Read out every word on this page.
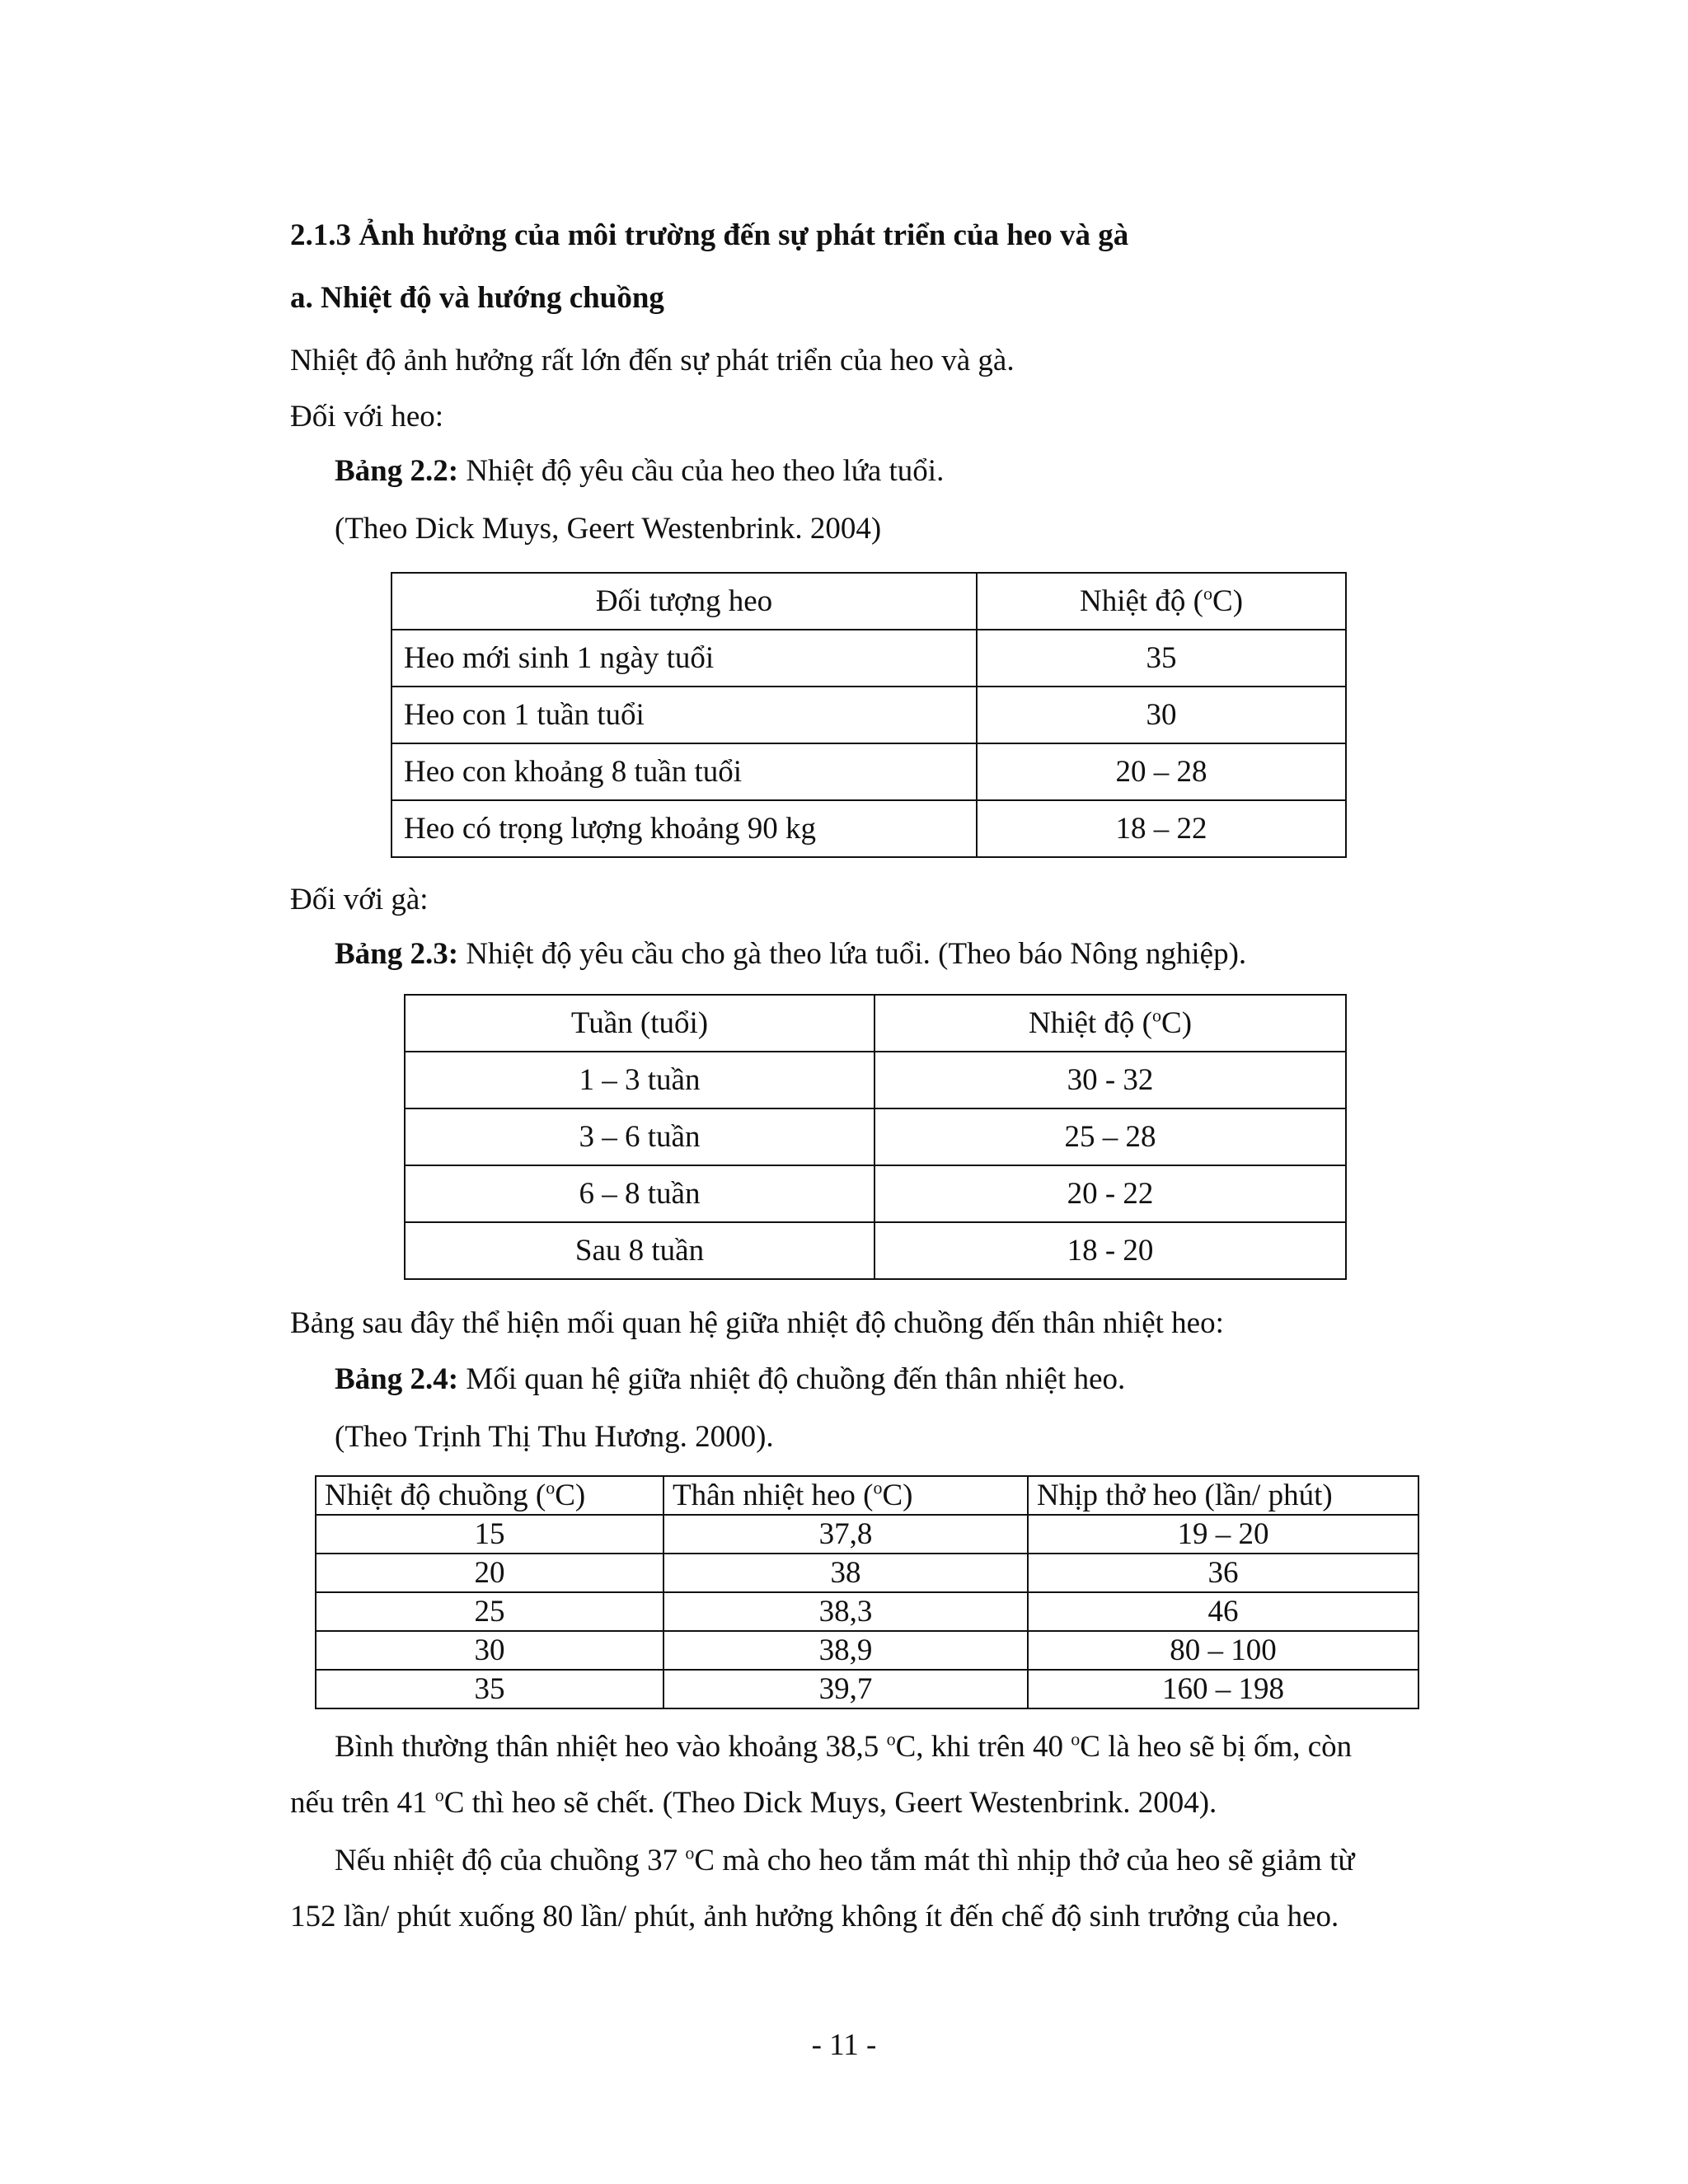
2.1.3 Ảnh hưởng của môi trường đến sự phát triển của heo và gà
a. Nhiệt độ và hướng chuồng
Nhiệt độ ảnh hưởng rất lớn đến sự phát triển của heo và gà.
Đối với heo:
Bảng 2.2: Nhiệt độ yêu cầu của heo theo lứa tuổi.
(Theo Dick Muys, Geert Westenbrink. 2004)
Đối tượng heo	Nhiệt độ ($^o$C)
Heo mới sinh 1 ngày tuổi	35
Heo con 1 tuần tuổi	30
Heo con khoảng 8 tuần tuổi	20 – 28
Heo có trọng lượng khoảng 90 kg	18 – 22
Đối với gà:
Bảng 2.3: Nhiệt độ yêu cầu cho gà theo lứa tuổi. (Theo báo Nông nghiệp).
Tuần (tuổi)	Nhiệt độ ($^o$C)
1 – 3 tuần	30 - 32
3 – 6 tuần	25 – 28
6 – 8 tuần	20 - 22
Sau 8 tuần	18 - 20
Bảng sau đây thể hiện mối quan hệ giữa nhiệt độ chuồng đến thân nhiệt heo:
Bảng 2.4: Mối quan hệ giữa nhiệt độ chuồng đến thân nhiệt heo.
(Theo Trịnh Thị Thu Hương. 2000).
Nhiệt độ chuồng ($^o$C)	Thân nhiệt heo ($^o$C)	Nhịp thở heo (lần/ phút)
15	37,8	19 – 20
20	38	36
25	38,3	46
30	38,9	80 – 100
35	39,7	160 – 198
Bình thường thân nhiệt heo vào khoảng 38,5 $^o$C, khi trên 40 $^o$C là heo sẽ bị ốm, còn
nếu trên 41 $^o$C thì heo sẽ chết. (Theo Dick Muys, Geert Westenbrink. 2004).
Nếu nhiệt độ của chuồng 37 $^o$C mà cho heo tắm mát thì nhịp thở của heo sẽ giảm từ
152 lần/ phút xuống 80 lần/ phút, ảnh hưởng không ít đến chế độ sinh trưởng của heo.
- 11 -
